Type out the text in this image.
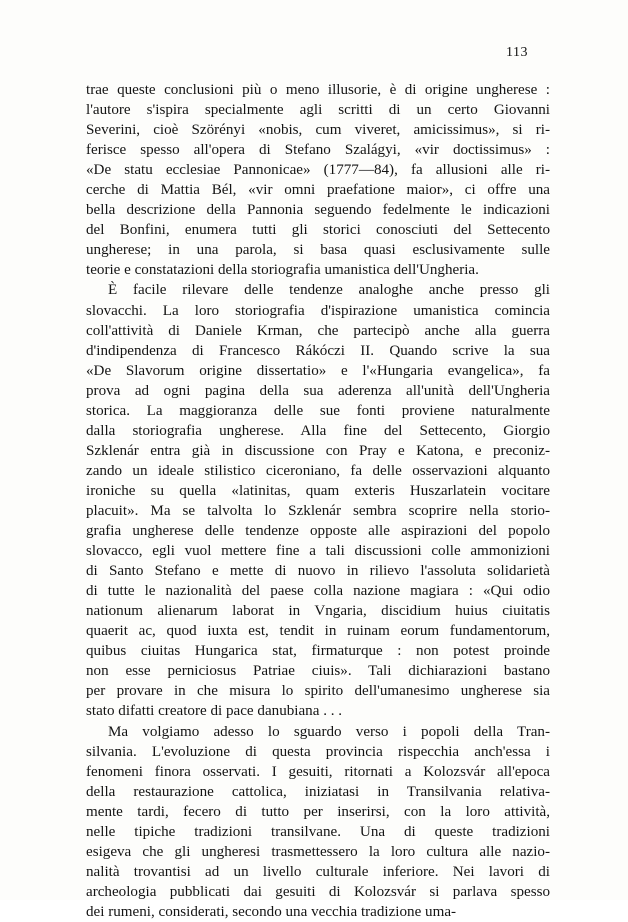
113
trae queste conclusioni più o meno illusorie, è di origine ungherese :
l'autore s'ispira specialmente agli scritti di un certo Giovanni
Severini, cioè Szörényi «nobis, cum viveret, amicissimus», si ri-
ferisce spesso all'opera di Stefano Szalágyi, «vir doctissimus» :
«De statu ecclesiae Pannonicae» (1777—84), fa allusioni alle ri-
cerche di Mattia Bél, «vir omni praefatione maior», ci offre una
bella descrizione della Pannonia seguendo fedelmente le indicazioni
del Bonfini, enumera tutti gli storici conosciuti del Settecento
ungherese; in una parola, si basa quasi esclusivamente sulle
teorie e constatazioni della storiografia umanistica dell'Ungheria.
È facile rilevare delle tendenze analoghe anche presso gli
slovacchi. La loro storiografia d'ispirazione umanistica comincia
coll'attività di Daniele Krman, che partecipò anche alla guerra
d'indipendenza di Francesco Rákóczi II. Quando scrive la sua
«De Slavorum origine dissertatio» e l'«Hungaria evangelica», fa
prova ad ogni pagina della sua aderenza all'unità dell'Ungheria
storica. La maggioranza delle sue fonti proviene naturalmente
dalla storiografia ungherese. Alla fine del Settecento, Giorgio
Szklenár entra già in discussione con Pray e Katona, e preconiz-
zando un ideale stilistico ciceroniano, fa delle osservazioni alquanto
ironiche su quella «latinitas, quam exteris Huszarlatein vocitare
placuit». Ma se talvolta lo Szklenár sembra scoprire nella storio-
grafia ungherese delle tendenze opposte alle aspirazioni del popolo
slovacco, egli vuol mettere fine a tali discussioni colle ammonizioni
di Santo Stefano e mette di nuovo in rilievo l'assoluta solidarietà
di tutte le nazionalità del paese colla nazione magiara : «Qui odio
nationum alienarum laborat in Vngaria, discidium huius ciuitatis
quaerit ac, quod iuxta est, tendit in ruinam eorum fundamentorum,
quibus ciuitas Hungarica stat, firmaturque : non potest proinde
non esse perniciosus Patriae ciuis». Tali dichiarazioni bastano
per provare in che misura lo spirito dell'umanesimo ungherese sia
stato difatti creatore di pace danubiana . . .
Ma volgiamo adesso lo sguardo verso i popoli della Tran-
silvania. L'evoluzione di questa provincia rispecchia anch'essa i
fenomeni finora osservati. I gesuiti, ritornati a Kolozsvár all'epoca
della restaurazione cattolica, iniziatasi in Transilvania relativa-
mente tardi, fecero di tutto per inserirsi, con la loro attività,
nelle tipiche tradizioni transilvane. Una di queste tradizioni
esigeva che gli ungheresi trasmettessero la loro cultura alle nazio-
nalità trovantisi ad un livello culturale inferiore. Nei lavori di
archeologia pubblicati dai gesuiti di Kolozsvár si parlava spesso
dei rumeni, considerati, secondo una vecchia tradizione uma-
